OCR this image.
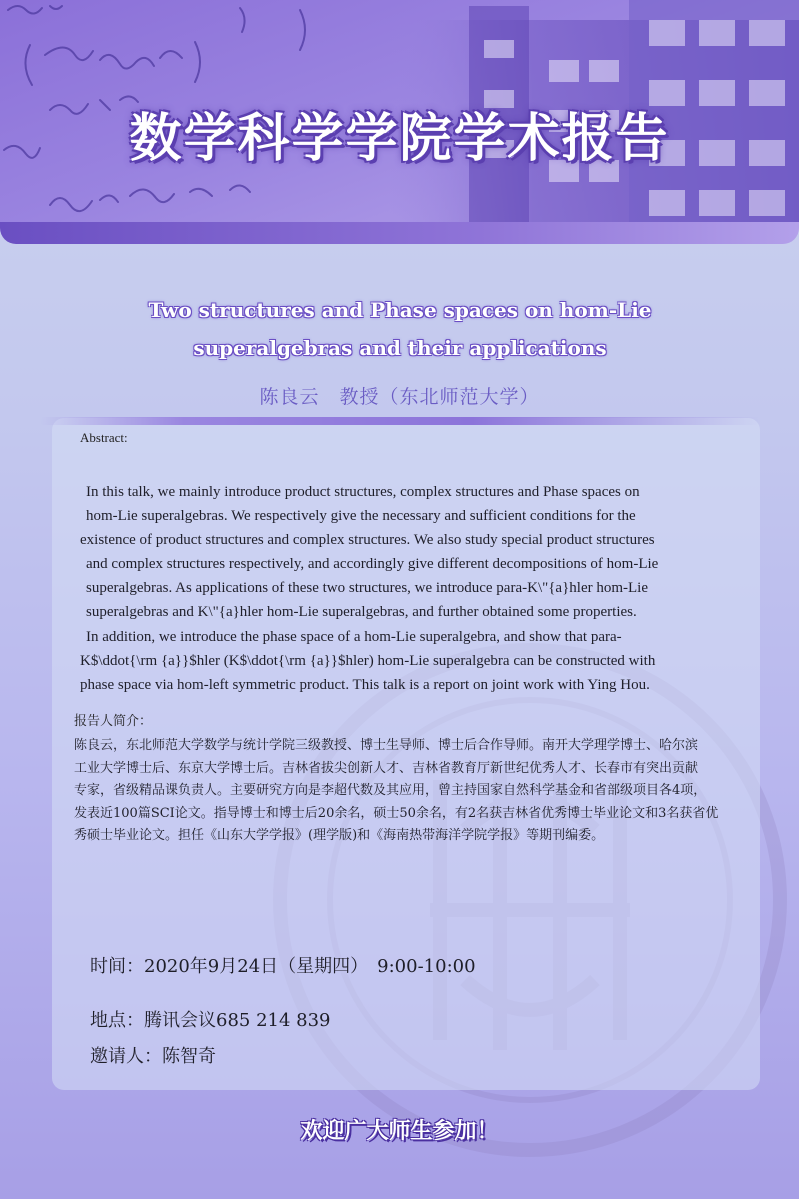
数学科学学院学术报告
Two structures and Phase spaces on hom-Lie
superalgebras and their applications
陈良云　教授（东北师范大学）
Abstract:
In this talk, we mainly introduce product structures, complex structures and Phase spaces on
hom-Lie superalgebras. We respectively give the necessary and sufficient conditions for the
existence of product structures and complex structures. We also study special product structures
and complex structures respectively, and accordingly give different decompositions of hom-Lie
superalgebras. As applications of these two structures, we introduce para-K\"{a}hler hom-Lie
superalgebras and K\"{a}hler hom-Lie superalgebras, and further obtained some properties.
In addition, we introduce the phase space of a hom-Lie superalgebra, and show that para-
K$\ddot{\rm {a}}$hler (K$\ddot{\rm {a}}$hler) hom-Lie superalgebra can be constructed with
phase space via hom-left symmetric product. This talk is a report on joint work with Ying Hou.
报告人简介：
陈良云，东北师范大学数学与统计学院三级教授、博士生导师、博士后合作导师。南开大学理学博士、哈尔滨
工业大学博士后、东京大学博士后。吉林省拔尖创新人才、吉林省教育厅新世纪优秀人才、长春市有突出贡献
专家，省级精品课负责人。主要研究方向是李超代数及其应用，曾主持国家自然科学基金和省部级项目各4项，
发表近100篇SCI论文。指导博士和博士后20余名，硕士50余名，有2名获吉林省优秀博士毕业论文和3名获省优
秀硕士毕业论文。担任《山东大学学报》(理学版)和《海南热带海洋学院学报》等期刊编委。
时间：2020年9月24日（星期四）　9:00-10:00
地点：腾讯会议685 214 839
邀请人：陈智奇
欢迎广大师生参加！
